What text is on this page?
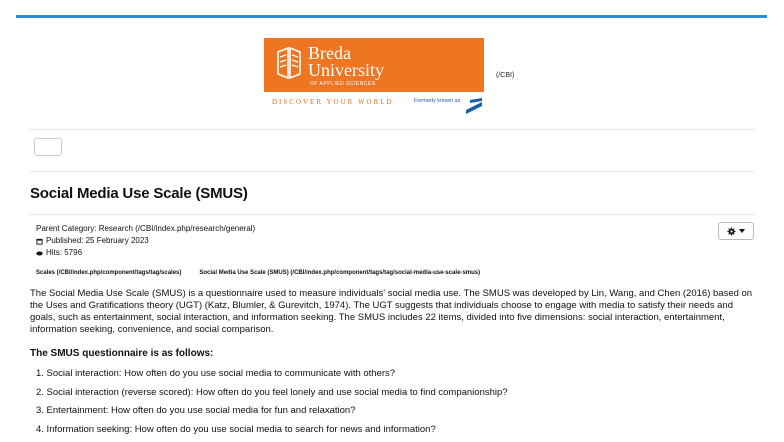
Breda
University
OF APPLIED SCIENCES
DISCOVER YOUR WORLD	Formerly known as
(/CBI)
Social Media Use Scale (SMUS)
Parent Category: Research (/CBI/index.php/research/general)
Published: 25 February 2023
Hits: 5796
Scales (/CBI/index.php/component/tags/tag/scales)	Social Media Use Scale (SMUS) (/CBI/index.php/component/tags/tag/social-media-use-scale-smus)

The Social Media Use Scale (SMUS) is a questionnaire used to measure individuals' social media use. The SMUS was developed by Lin, Wang, and Chen (2016) based on the Uses and Gratifications theory (UGT) (Katz, Blumler, & Gurevitch, 1974). The UGT suggests that individuals choose to engage with media to satisfy their needs and goals, such as entertainment, social interaction, and information seeking. The SMUS includes 22 items, divided into five dimensions: social interaction, entertainment, information seeking, convenience, and social comparison.

The SMUS questionnaire is as follows:
1. Social interaction: How often do you use social media to communicate with others?
2. Social interaction (reverse scored): How often do you feel lonely and use social media to find companionship?
3. Entertainment: How often do you use social media for fun and relaxation?
4. Information seeking: How often do you use social media to search for news and information?
